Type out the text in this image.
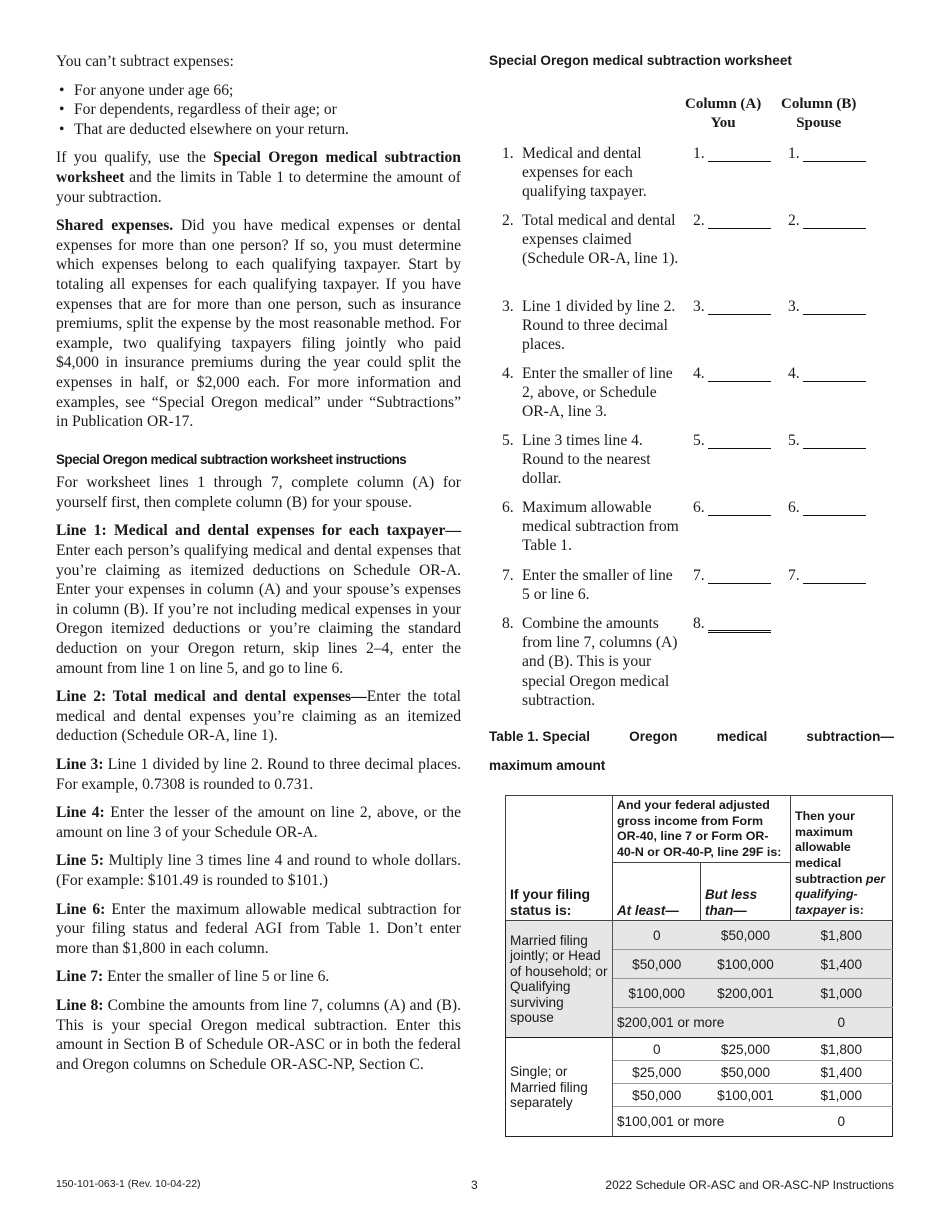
You can’t subtract expenses:

• For anyone under age 66;
• For dependents, regardless of their age; or
• That are deducted elsewhere on your return.

If you qualify, use the Special Oregon medical subtraction worksheet and the limits in Table 1 to determine the amount of your subtraction.

Shared expenses. Did you have medical expenses or dental expenses for more than one person? If so, you must determine which expenses belong to each qualifying taxpayer. Start by totaling all expenses for each qualifying taxpayer. If you have expenses that are for more than one person, such as insurance premiums, split the expense by the most reasonable method. For example, two qualifying taxpayers filing jointly who paid $4,000 in insurance premiums during the year could split the expenses in half, or $2,000 each. For more information and examples, see “Special Oregon medical” under “Subtractions” in Publication OR-17.

Special Oregon medical subtraction worksheet instructions

For worksheet lines 1 through 7, complete column (A) for yourself first, then complete column (B) for your spouse.

Line 1: Medical and dental expenses for each taxpayer—Enter each person’s qualifying medical and dental expenses that you’re claiming as itemized deductions on Schedule OR-A. Enter your expenses in column (A) and your spouse’s expenses in column (B). If you’re not including medical expenses in your Oregon itemized deductions or you’re claiming the standard deduction on your Oregon return, skip lines 2–4, enter the amount from line 1 on line 5, and go to line 6.

Line 2: Total medical and dental expenses—Enter the total medical and dental expenses you’re claiming as an itemized deduction (Schedule OR-A, line 1).

Line 3: Line 1 divided by line 2. Round to three decimal places. For example, 0.7308 is rounded to 0.731.

Line 4: Enter the lesser of the amount on line 2, above, or the amount on line 3 of your Schedule OR-A.

Line 5: Multiply line 3 times line 4 and round to whole dollars. (For example: $101.49 is rounded to $101.)

Line 6: Enter the maximum allowable medical subtraction for your filing status and federal AGI from Table 1. Don’t enter more than $1,800 in each column.

Line 7: Enter the smaller of line 5 or line 6.

Line 8: Combine the amounts from line 7, columns (A) and (B). This is your special Oregon medical subtraction. Enter this amount in Section B of Schedule OR-ASC or in both the federal and Oregon columns on Schedule OR-ASC-NP, Section C.

Special Oregon medical subtraction worksheet
Column (A)
You
Column (B)
Spouse
1. Medical and dental expenses for each qualifying taxpayer.
1.	1.
2. Total medical and dental expenses claimed (Schedule OR-A, line 1).
2.	2.
3. Line 1 divided by line 2. Round to three decimal places.
3.	3.
4. Enter the smaller of line 2, above, or Schedule OR-A, line 3.
4.	4.
5. Line 3 times line 4. Round to the nearest dollar.
5.	5.
6. Maximum allowable medical subtraction from Table 1.
6.	6.
7. Enter the smaller of line 5 or line 6.
7.	7.
8. Combine the amounts from line 7, columns (A) and (B). This is your special Oregon medical subtraction.
8.
Table 1. Special	Oregon	medical	subtraction—
maximum amount
If your filing status is:	And your federal adjusted gross income from Form OR-40, line 7 or Form OR-40-N or OR-40-P, line 29F is:		Then your maximum allowable medical subtraction per qualifying-taxpayer is:
	At least—	But less than—	
Married filing jointly; or Head of household; or Qualifying surviving spouse	0	$50,000	$1,800
	$50,000	$100,000	$1,400
	$100,000	$200,001	$1,000
	$200,001 or more		0
Single; or Married filing separately	0	$25,000	$1,800
	$25,000	$50,000	$1,400
	$50,000	$100,001	$1,000
	$100,001 or more		0
150-101-063-1 (Rev. 10-04-22)	3	2022 Schedule OR-ASC and OR-ASC-NP Instructions
